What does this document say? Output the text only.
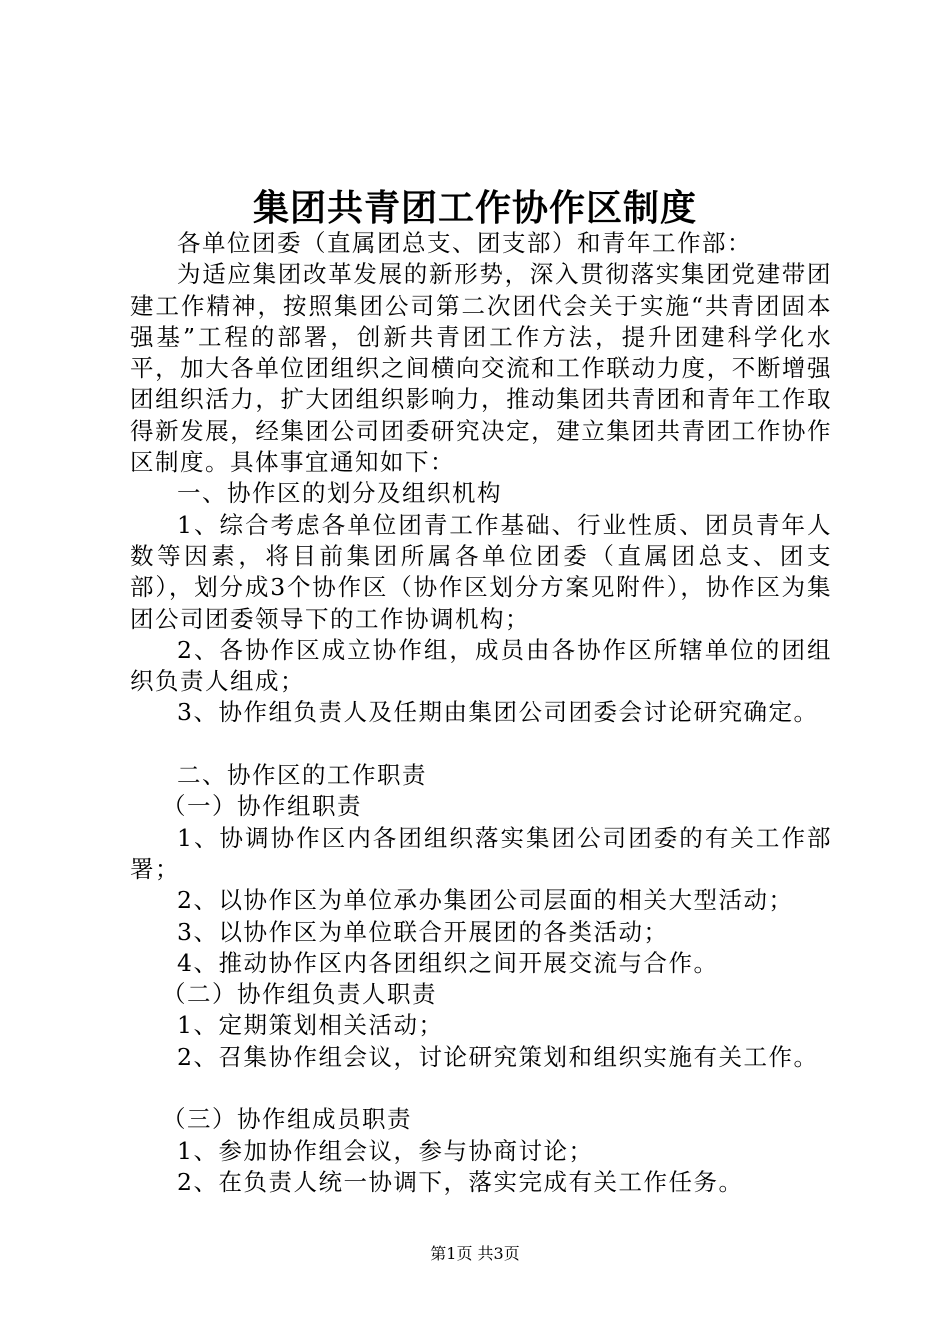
集团共青团工作协作区制度

各单位团委（直属团总支、团支部）和青年工作部：

为适应集团改革发展的新形势，深入贯彻落实集团党建带团建工作精神，按照集团公司第二次团代会关于实施“共青团固本强基”工程的部署，创新共青团工作方法，提升团建科学化水平，加大各单位团组织之间横向交流和工作联动力度，不断增强团组织活力，扩大团组织影响力，推动集团共青团和青年工作取得新发展，经集团公司团委研究决定，建立集团共青团工作协作区制度。具体事宜通知如下：

一、协作区的划分及组织机构

1、综合考虑各单位团青工作基础、行业性质、团员青年人数等因素，将目前集团所属各单位团委（直属团总支、团支部），划分成3个协作区（协作区划分方案见附件），协作区为集团公司团委领导下的工作协调机构；

2、各协作区成立协作组，成员由各协作区所辖单位的团组织负责人组成；

3、协作组负责人及任期由集团公司团委会讨论研究确定。

二、协作区的工作职责

（一）协作组职责

1、协调协作区内各团组织落实集团公司团委的有关工作部署；

2、以协作区为单位承办集团公司层面的相关大型活动；

3、以协作区为单位联合开展团的各类活动；

4、推动协作区内各团组织之间开展交流与合作。

（二）协作组负责人职责

1、定期策划相关活动；

2、召集协作组会议，讨论研究策划和组织实施有关工作。

（三）协作组成员职责

1、参加协作组会议，参与协商讨论；

2、在负责人统一协调下，落实完成有关工作任务。

第1页 共3页
